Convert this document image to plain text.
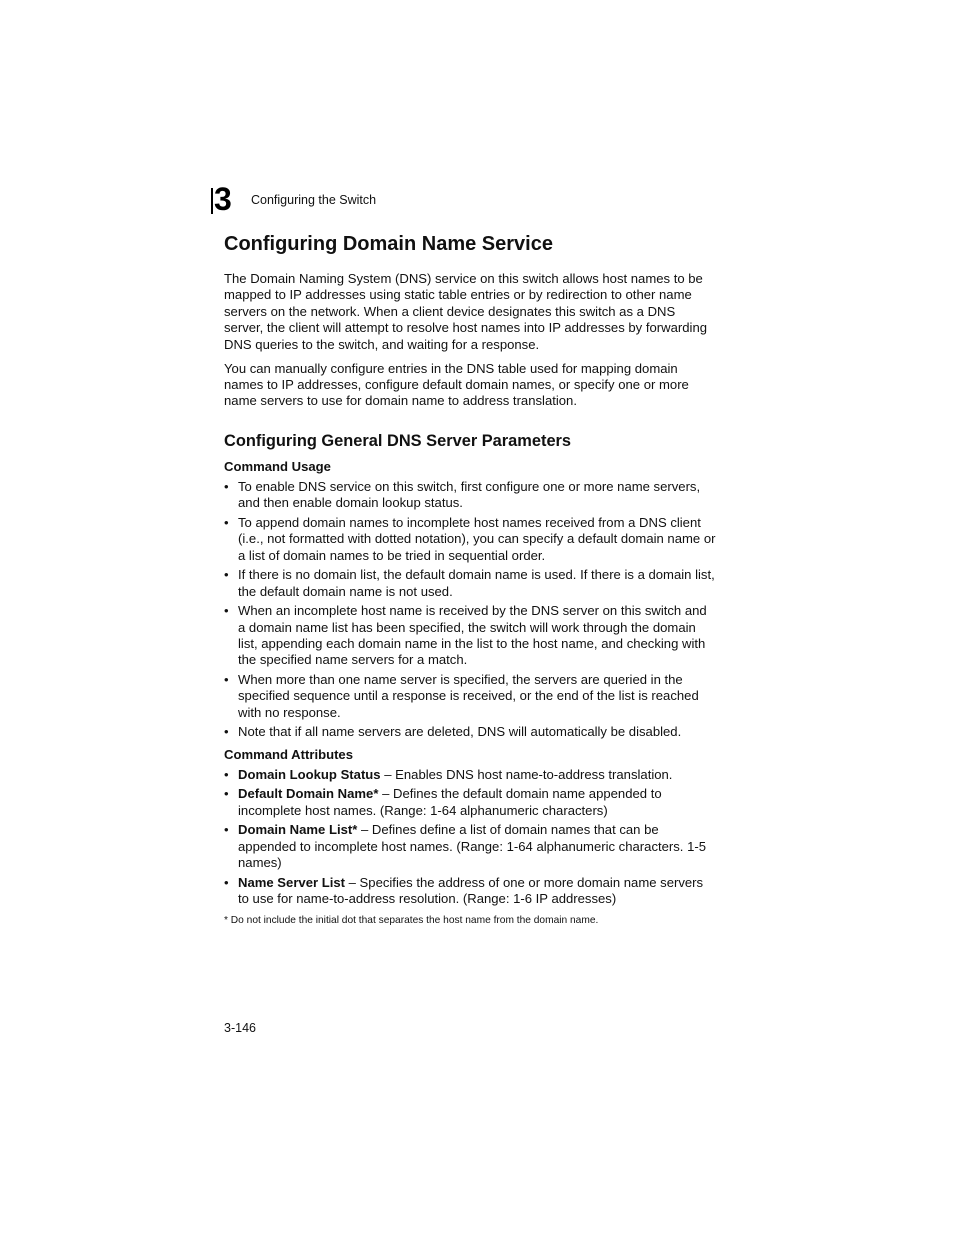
3 Configuring the Switch
Configuring Domain Name Service

The Domain Naming System (DNS) service on this switch allows host names to be mapped to IP addresses using static table entries or by redirection to other name servers on the network. When a client device designates this switch as a DNS server, the client will attempt to resolve host names into IP addresses by forwarding DNS queries to the switch, and waiting for a response.

You can manually configure entries in the DNS table used for mapping domain names to IP addresses, configure default domain names, or specify one or more name servers to use for domain name to address translation.

Configuring General DNS Server Parameters
Command Usage
• To enable DNS service on this switch, first configure one or more name servers, and then enable domain lookup status.
• To append domain names to incomplete host names received from a DNS client (i.e., not formatted with dotted notation), you can specify a default domain name or a list of domain names to be tried in sequential order.
• If there is no domain list, the default domain name is used. If there is a domain list, the default domain name is not used.
• When an incomplete host name is received by the DNS server on this switch and a domain name list has been specified, the switch will work through the domain list, appending each domain name in the list to the host name, and checking with the specified name servers for a match.
• When more than one name server is specified, the servers are queried in the specified sequence until a response is received, or the end of the list is reached with no response.
• Note that if all name servers are deleted, DNS will automatically be disabled.
Command Attributes
• Domain Lookup Status – Enables DNS host name-to-address translation.
• Default Domain Name* – Defines the default domain name appended to incomplete host names. (Range: 1-64 alphanumeric characters)
• Domain Name List* – Defines define a list of domain names that can be appended to incomplete host names. (Range: 1-64 alphanumeric characters. 1-5 names)
• Name Server List – Specifies the address of one or more domain name servers to use for name-to-address resolution. (Range: 1-6 IP addresses)

* Do not include the initial dot that separates the host name from the domain name.

3-146
